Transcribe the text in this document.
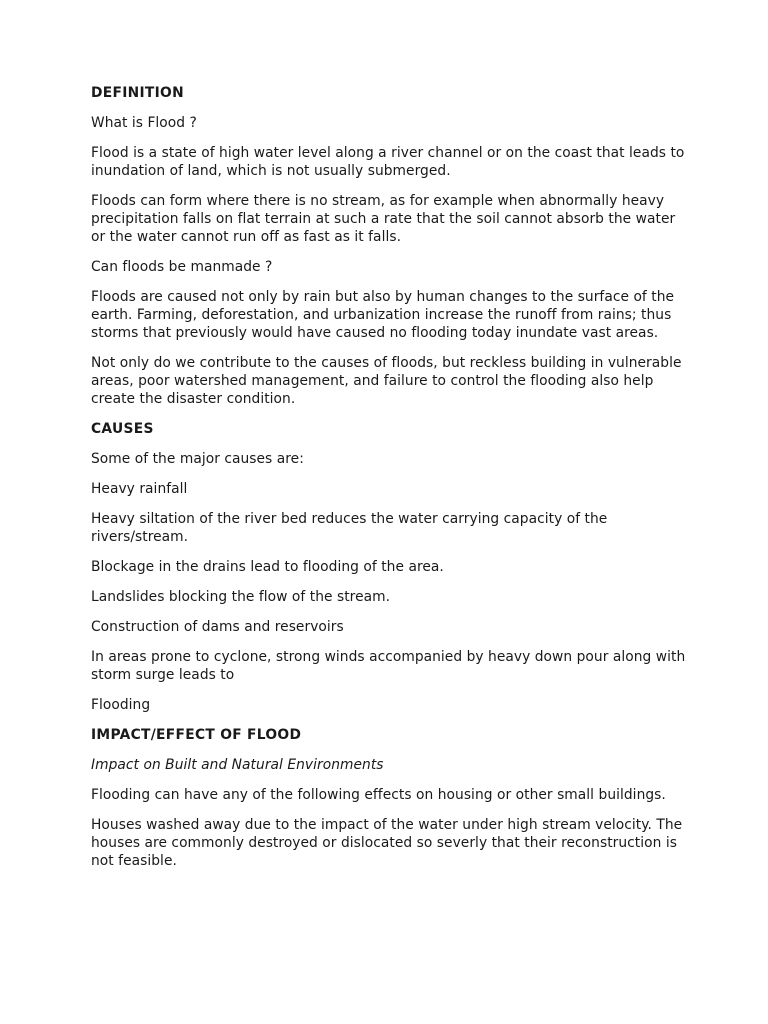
DEFINITION

What is Flood ?

Flood is a state of high water level along a river channel or on the coast that leads to inundation of land, which is not usually submerged.

Floods can form where there is no stream, as for example when abnormally heavy precipitation falls on flat terrain at such a rate that the soil cannot absorb the water or the water cannot run off as fast as it falls.

Can floods be manmade ?

Floods are caused not only by rain but also by human changes to the surface of the earth. Farming, deforestation, and urbanization increase the runoff from rains; thus storms that previously would have caused no flooding today inundate vast areas.

Not only do we contribute to the causes of floods, but reckless building in vulnerable areas, poor watershed management, and failure to control the flooding also help create the disaster condition.

CAUSES

Some of the major causes are:

Heavy rainfall

Heavy siltation of the river bed reduces the water carrying capacity of the rivers/stream.

Blockage in the drains lead to flooding of the area.

Landslides blocking the flow of the stream.

Construction of dams and reservoirs

In areas prone to cyclone, strong winds accompanied by heavy down pour along with storm surge leads to

Flooding

IMPACT/EFFECT OF FLOOD

Impact on Built and Natural Environments

Flooding can have any of the following effects on housing or other small buildings.

Houses washed away due to the impact of the water under high stream velocity. The houses are commonly destroyed or dislocated so severly that their reconstruction is not feasible.
